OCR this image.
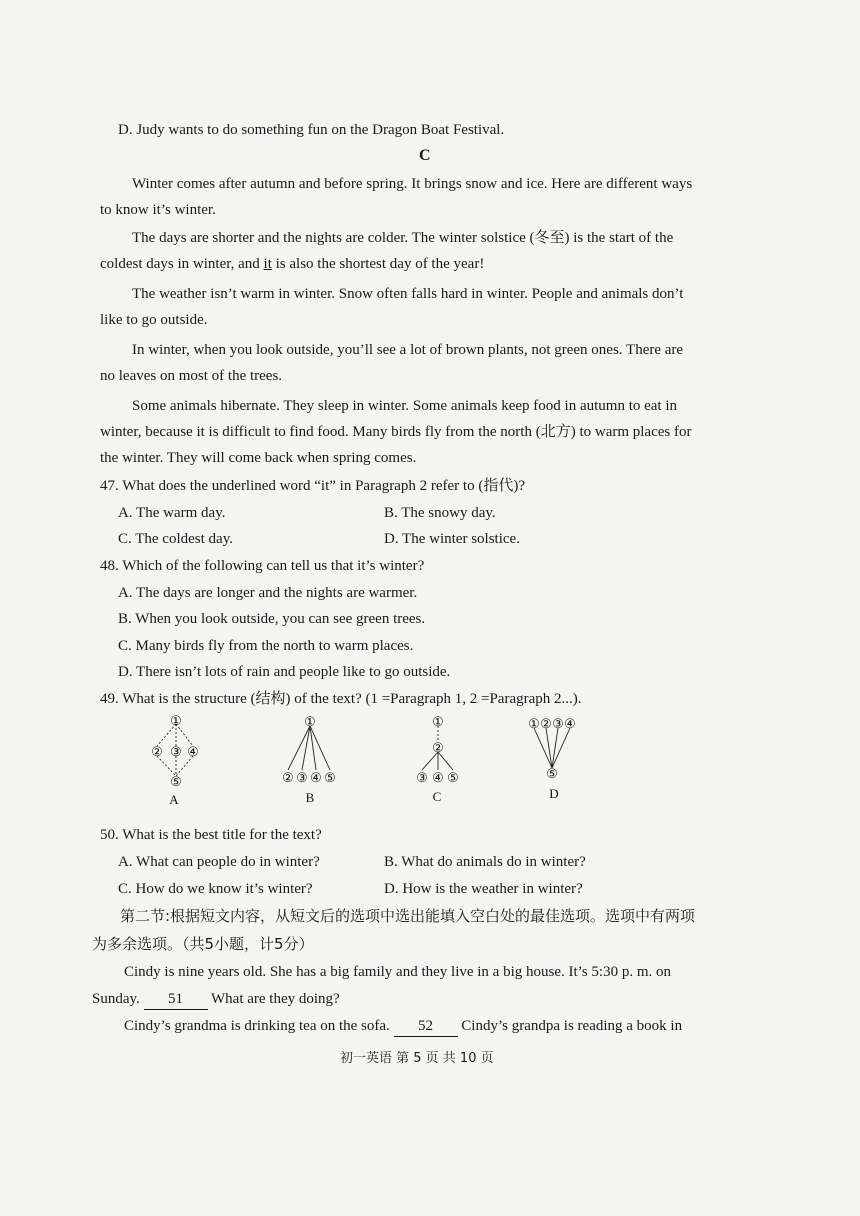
D. Judy wants to do something fun on the Dragon Boat Festival.
C
Winter comes after autumn and before spring. It brings snow and ice. Here are different ways
to know it’s winter.
The days are shorter and the nights are colder. The winter solstice (冬至) is the start of the
coldest days in winter, and it is also the shortest day of the year!
The weather isn’t warm in winter. Snow often falls hard in winter. People and animals don’t
like to go outside.
In winter, when you look outside, you’ll see a lot of brown plants, not green ones. There are
no leaves on most of the trees.
Some animals hibernate. They sleep in winter. Some animals keep food in autumn to eat in
winter, because it is difficult to find food. Many birds fly from the north (北方) to warm places for
the winter. They will come back when spring comes.
47. What does the underlined word “it” in Paragraph 2 refer to (指代)?
A. The warm day.	B. The snowy day.
C. The coldest day.	D. The winter solstice.
48. Which of the following can tell us that it’s winter?
A. The days are longer and the nights are warmer.
B. When you look outside, you can see green trees.
C. Many birds fly from the north to warm places.
D. There isn’t lots of rain and people like to go outside.
49. What is the structure (结构) of the text? (1 =Paragraph 1, 2 =Paragraph 2...).
①
② ③ ④
⑤
①
② ③ ④ ⑤
①
②
③ ④ ⑤
① ② ③ ④
⑤
A	B	C	D
50. What is the best title for the text?
A. What can people do in winter?	B. What do animals do in winter?
C. How do we know it’s winter?	D. How is the weather in winter?
第二节:根据短文内容，从短文后的选项中选出能填入空白处的最佳选项。选项中有两项
为多余选项。（共5小题，计5分）
Cindy is nine years old. She has a big family and they live in a big house. It’s 5:30 p. m. on
Sunday. 51 What are they doing?
Cindy’s grandma is drinking tea on the sofa. 52 Cindy’s grandpa is reading a book in
初一英语 第 5 页 共 10 页
